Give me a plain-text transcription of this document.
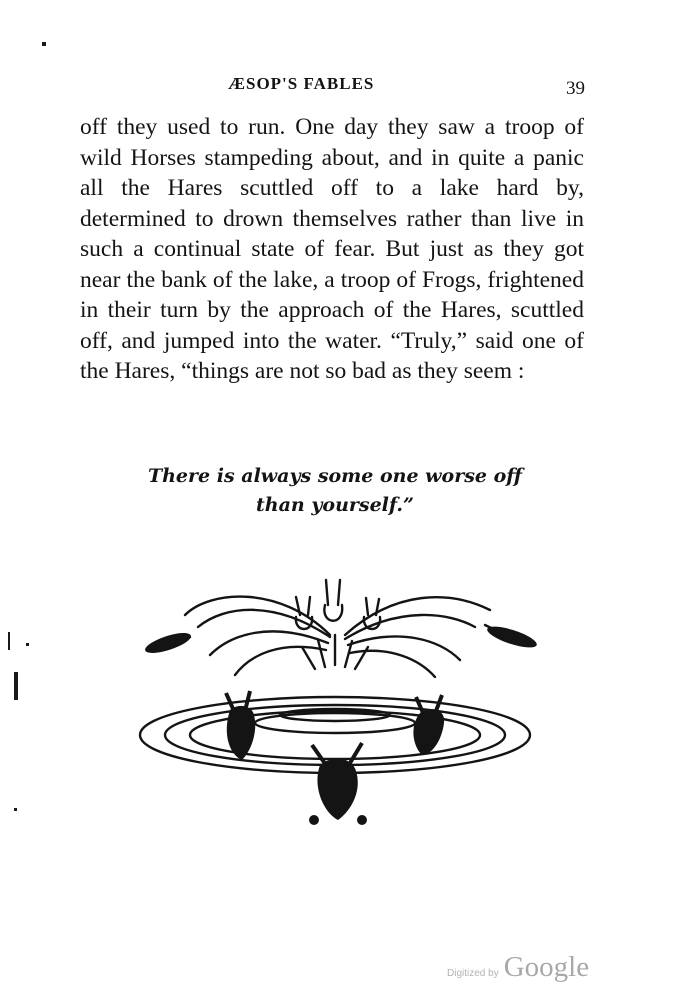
ÆSOP'S FABLES	39

off they used to run. One day they saw a troop of wild Horses stampeding about, and in quite a panic all the Hares scuttled off to a lake hard by, determined to drown themselves rather than live in such a continual state of fear. But just as they got near the bank of the lake, a troop of Frogs, frightened in their turn by the approach of the Hares, scuttled off, and jumped into the water. “Truly,” said one of the Hares, “things are not so bad as they seem :

There is always some one worse off
than yourself.”
Digitized by Google
